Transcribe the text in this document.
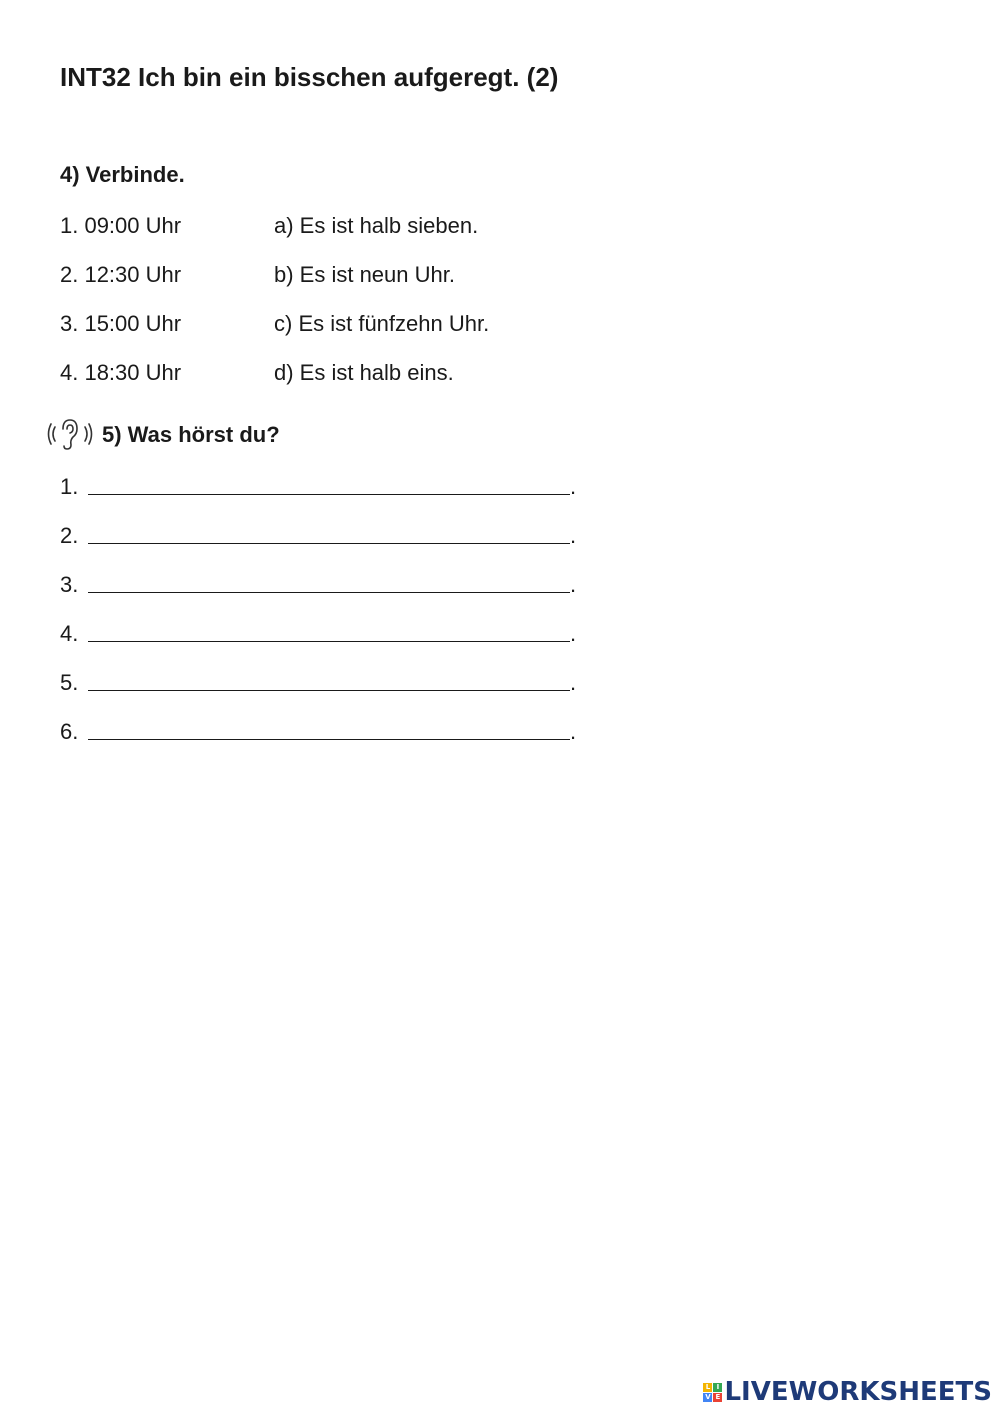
INT32 Ich bin ein bisschen aufgeregt. (2)
4) Verbinde.
1. 09:00 Uhr	a) Es ist halb sieben.
2. 12:30 Uhr	b) Es ist neun Uhr.
3. 15:00 Uhr	c) Es ist fünfzehn Uhr.
4. 18:30 Uhr	d) Es ist halb eins.
5) Was hörst du?
1.	.
2.	.
3.	.
4.	.
5.	.
6.	.
L I
V E LIVEWORKSHEETS
